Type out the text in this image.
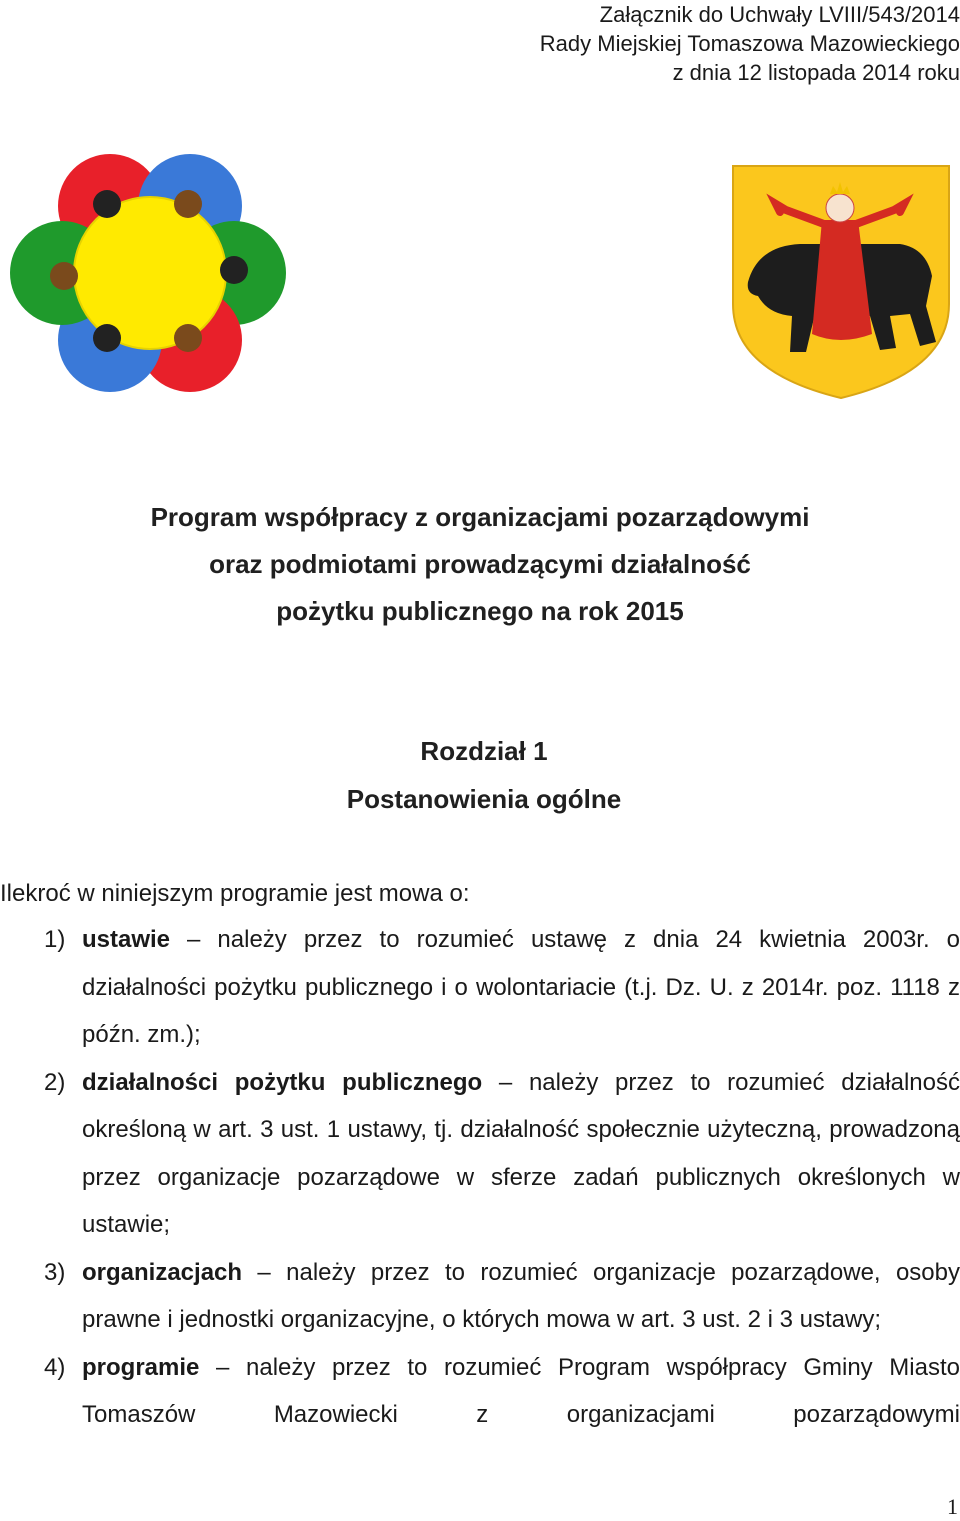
Załącznik do Uchwały LVIII/543/2014
Rady Miejskiej Tomaszowa Mazowieckiego
z dnia 12 listopada 2014 roku
Program współpracy z organizacjami pozarządowymi
oraz podmiotami prowadzącymi działalność
pożytku publicznego na rok 2015
Rozdział 1
Postanowienia ogólne
Ilekroć w niniejszym programie jest mowa o:
1) ustawie – należy przez to rozumieć ustawę z dnia 24 kwietnia 2003r. o działalności pożytku publicznego i o wolontariacie (t.j. Dz. U. z 2014r. poz. 1118 z późn. zm.);
2) działalności pożytku publicznego – należy przez to rozumieć działalność określoną w art. 3 ust. 1 ustawy, tj. działalność społecznie użyteczną, prowadzoną przez organizacje pozarządowe w sferze zadań publicznych określonych w ustawie;
3) organizacjach – należy przez to rozumieć organizacje pozarządowe, osoby prawne i jednostki organizacyjne, o których mowa w art. 3 ust. 2 i 3 ustawy;
4) programie – należy przez to rozumieć Program współpracy Gminy Miasto Tomaszów Mazowiecki z organizacjami pozarządowymi
1
